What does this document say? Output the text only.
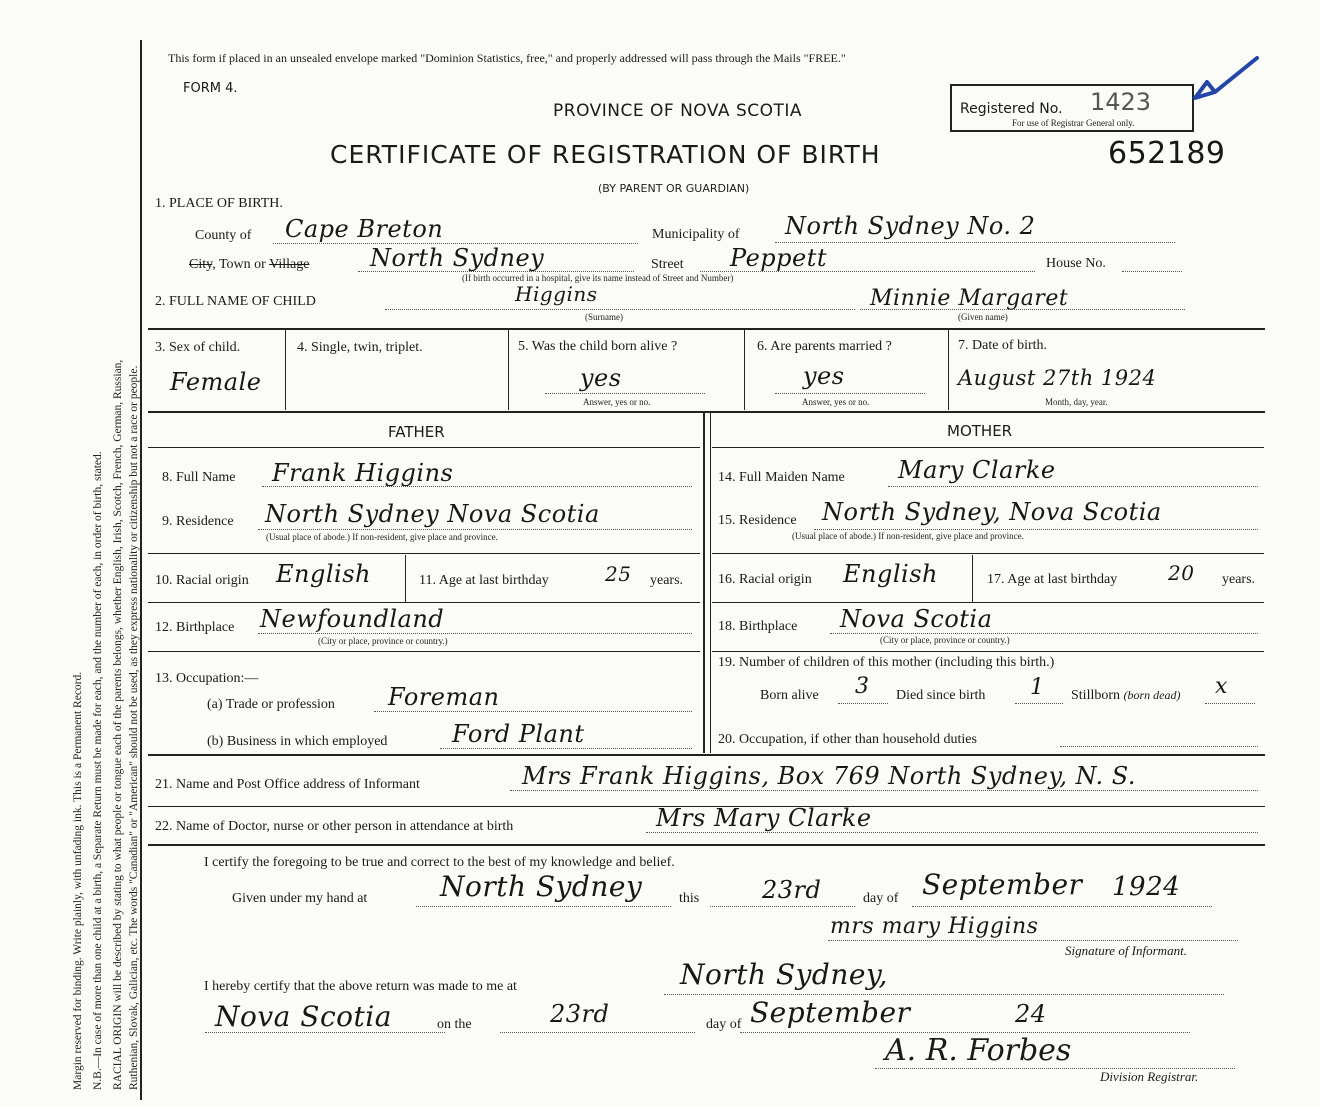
Margin reserved for binding. Write plainly, with unfading ink. This is a Permanent Record. N.B.—In case of more than one child at a birth, a Separate Return must be made for each, and the number of each, in order of birth, stated. RACIAL ORIGIN will be described by stating to what people or tongue each of the parents belongs, whether English, Irish, Scotch, French, German, Russian, Ruthenian, Slovak, Galician, etc. The words "Canadian" or "American" should not be used, as they express nationality or citizenship but not a race or people.
This form if placed in an unsealed envelope marked "Dominion Statistics, free," and properly addressed will pass through the Mails "FREE."
FORM 4.
PROVINCE OF NOVA SCOTIA	Registered No. 1423
For use of Registrar General only.
CERTIFICATE OF REGISTRATION OF BIRTH	652189
(BY PARENT OR GUARDIAN)
1. PLACE OF BIRTH.
County of Cape Breton	Municipality of North Sydney No. 2
City, Town or Village	North Sydney	Street Peppett	House No.
(If birth occurred in a hospital, give its name instead of Street and Number)
2. FULL NAME OF CHILD	Higgins
(Surname)
Minnie Margaret
(Given name)
3. Sex of child.
Female
4. Single, twin, triplet.	5. Was the child born alive ?
yes
Answer, yes or no.
6. Are parents married ?
yes
Answer, yes or no.
7. Date of birth.
August 27th 1924
Month, day, year.
FATHER	MOTHER
8. Full Name Frank Higgins
9. Residence North Sydney Nova Scotia
(Usual place of abode.) If non-resident, give place and province.
10. Racial origin English	11. Age at last birthday	25 years.
12. Birthplace Newfoundland
(City or place, province or country.)
13. Occupation:—
(a) Trade or profession Foreman
(b) Business in which employed	Ford Plant
14. Full Maiden Name Mary Clarke
15. Residence North Sydney, Nova Scotia
(Usual place of abode.) If non-resident, give place and province.
16. Racial origin English	17. Age at last birthday	20 years.
18. Birthplace Nova Scotia
(City or place, province or country.)
19. Number of children of this mother (including this birth.)
Born alive 3 Died since birth 1 Stillborn (born dead) x
20. Occupation, if other than household duties
21. Name and Post Office address of Informant	Mrs Frank Higgins, Box 769 North Sydney, N. S.
22. Name of Doctor, nurse or other person in attendance at birth	Mrs Mary Clarke
I certify the foregoing to be true and correct to the best of my knowledge and belief.
Given under my hand at	North Sydney	this	23rd	day of September 1924
mrs mary Higgins
Signature of Informant.
I hereby certify that the above return was made to me at	North Sydney,
Nova Scotia	on the	23rd	day of September	24
A. R. Forbes
Division Registrar.
